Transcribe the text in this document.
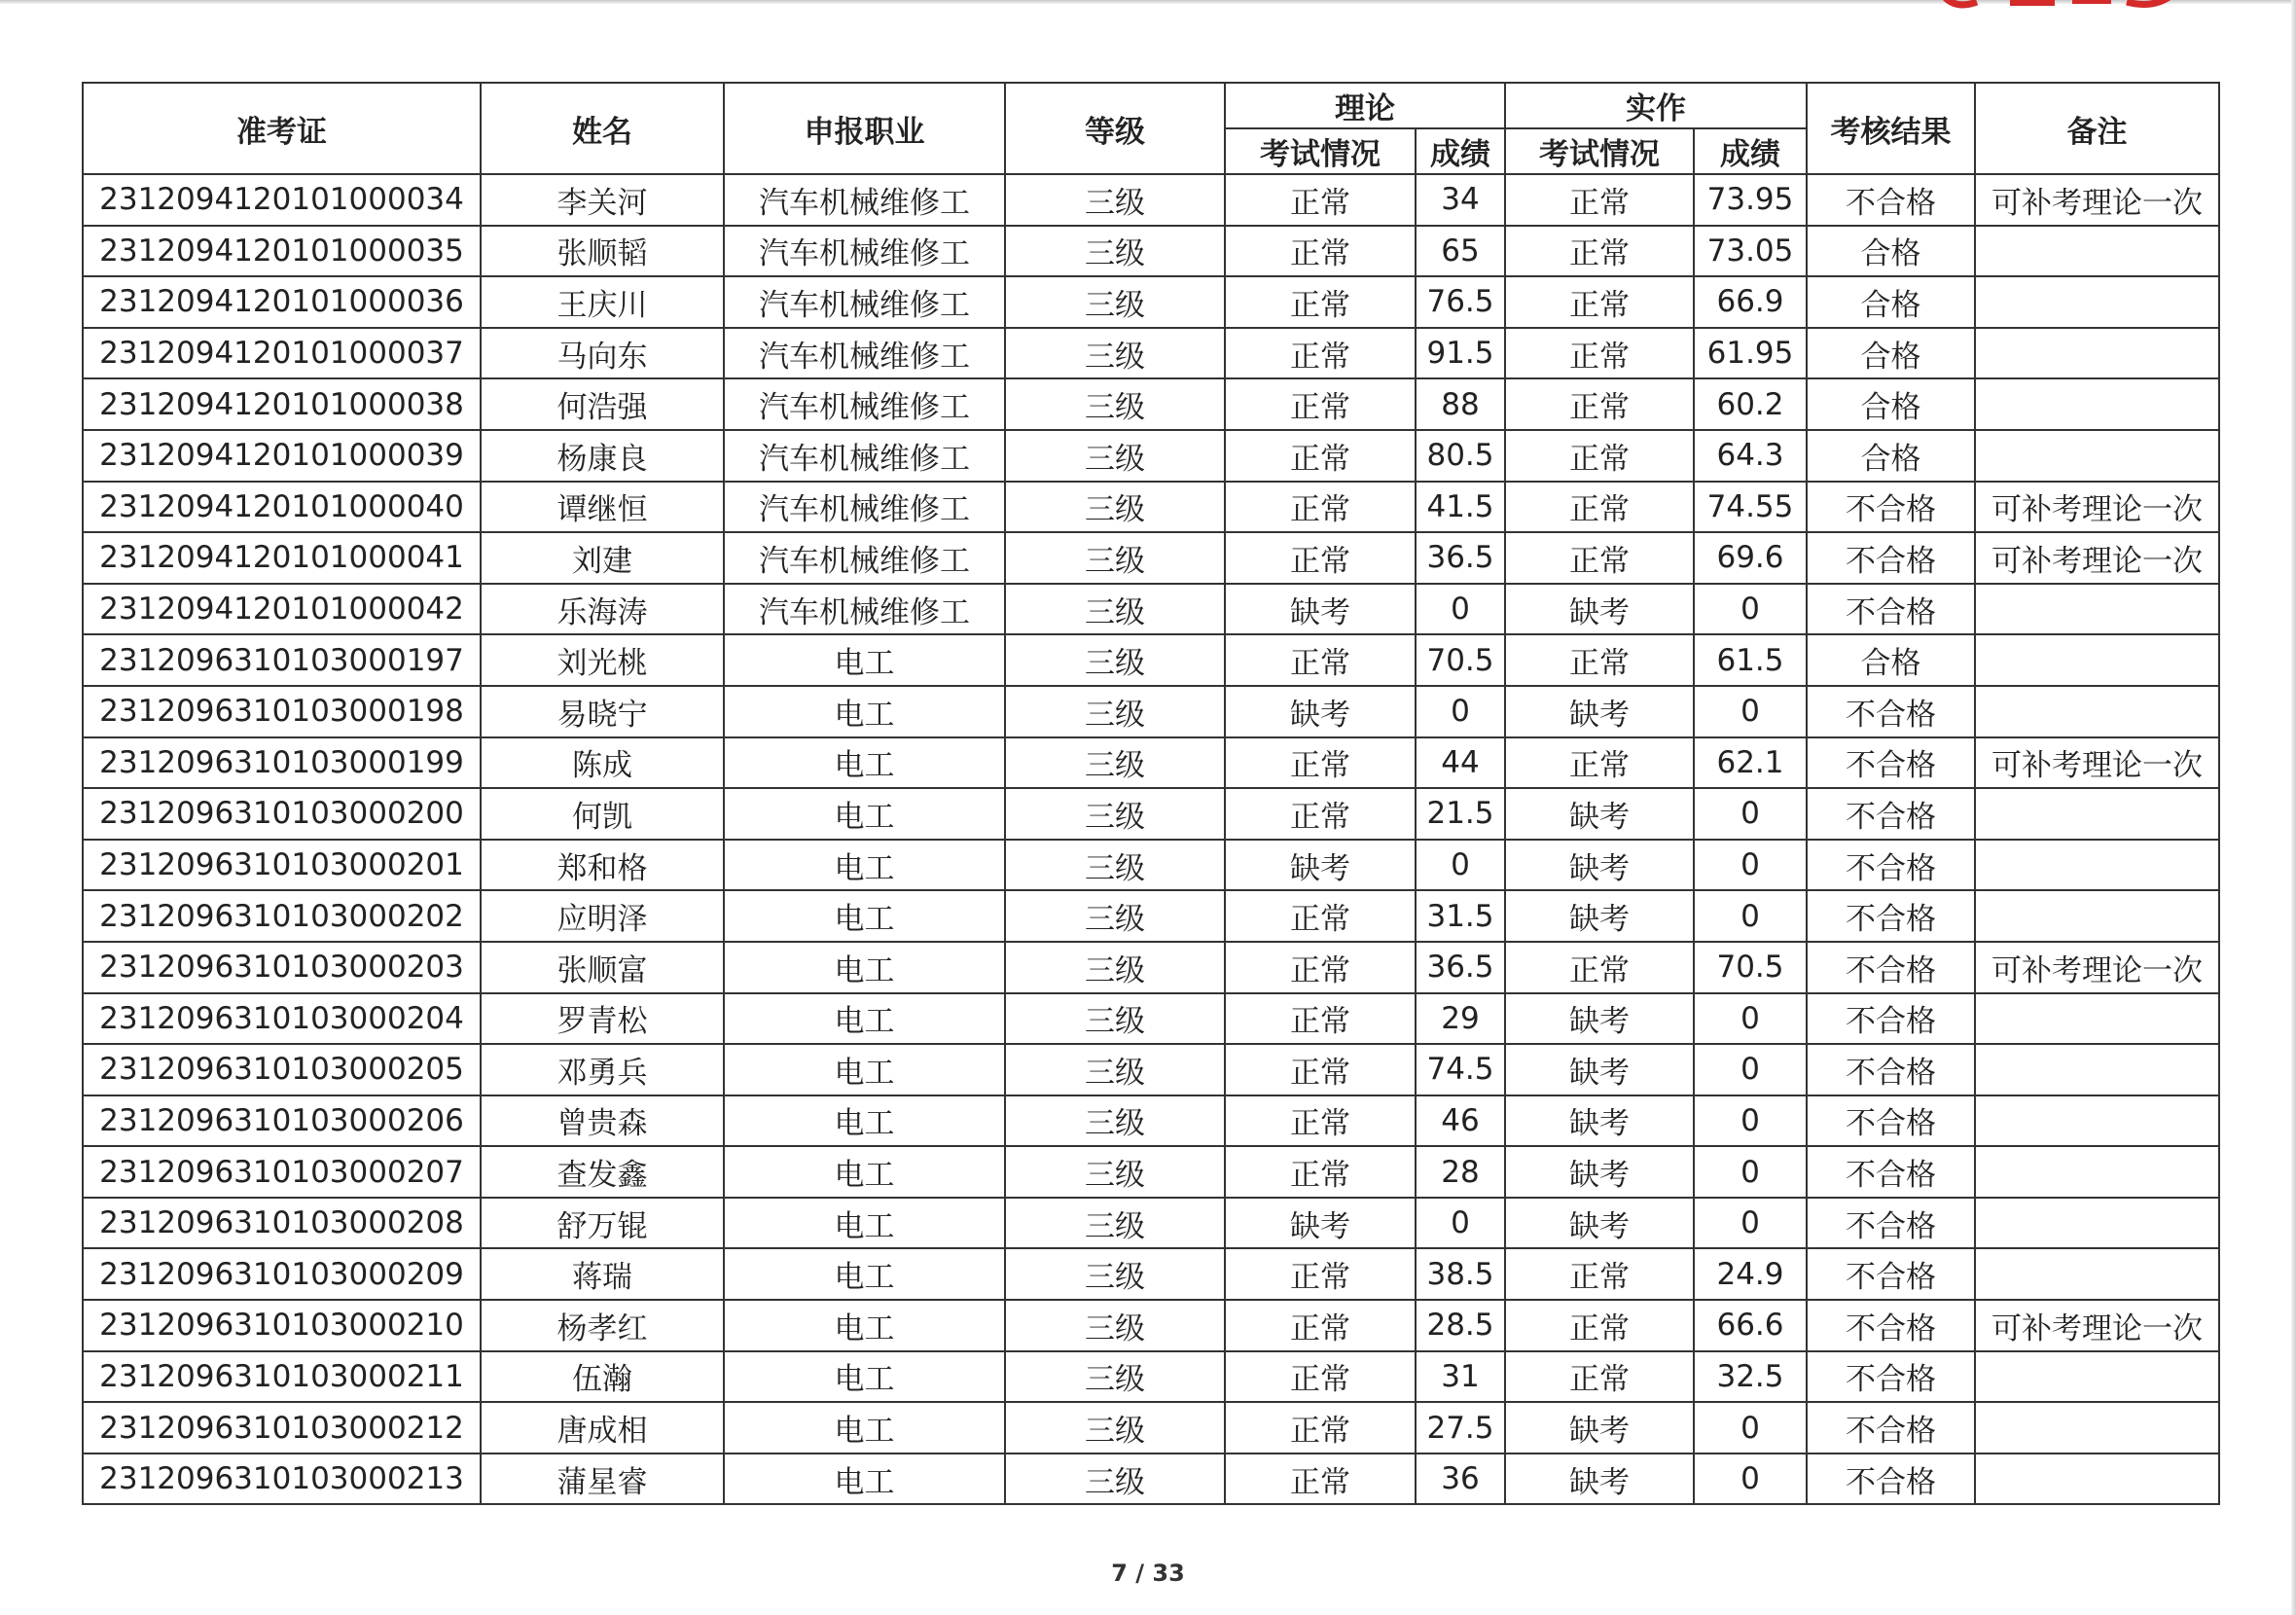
准考证	姓名	申报职业	等级	理论		实作		考核结果	备注
				考试情况	成绩	考试情况	成绩		
2312094120101000034	李关河	汽车机械维修工	三级	正常	34	正常	73.95	不合格	可补考理论一次
2312094120101000035	张顺韬	汽车机械维修工	三级	正常	65	正常	73.05	合格	
2312094120101000036	王庆川	汽车机械维修工	三级	正常	76.5	正常	66.9	合格	
2312094120101000037	马向东	汽车机械维修工	三级	正常	91.5	正常	61.95	合格	
2312094120101000038	何浩强	汽车机械维修工	三级	正常	88	正常	60.2	合格	
2312094120101000039	杨康良	汽车机械维修工	三级	正常	80.5	正常	64.3	合格	
2312094120101000040	谭继恒	汽车机械维修工	三级	正常	41.5	正常	74.55	不合格	可补考理论一次
2312094120101000041	刘建	汽车机械维修工	三级	正常	36.5	正常	69.6	不合格	可补考理论一次
2312094120101000042	乐海涛	汽车机械维修工	三级	缺考	0	缺考	0	不合格	
2312096310103000197	刘光桃	电工	三级	正常	70.5	正常	61.5	合格	
2312096310103000198	易晓宁	电工	三级	缺考	0	缺考	0	不合格	
2312096310103000199	陈成	电工	三级	正常	44	正常	62.1	不合格	可补考理论一次
2312096310103000200	何凯	电工	三级	正常	21.5	缺考	0	不合格	
2312096310103000201	郑和格	电工	三级	缺考	0	缺考	0	不合格	
2312096310103000202	应明泽	电工	三级	正常	31.5	缺考	0	不合格	
2312096310103000203	张顺富	电工	三级	正常	36.5	正常	70.5	不合格	可补考理论一次
2312096310103000204	罗青松	电工	三级	正常	29	缺考	0	不合格	
2312096310103000205	邓勇兵	电工	三级	正常	74.5	缺考	0	不合格	
2312096310103000206	曾贵森	电工	三级	正常	46	缺考	0	不合格	
2312096310103000207	查发鑫	电工	三级	正常	28	缺考	0	不合格	
2312096310103000208	舒万锟	电工	三级	缺考	0	缺考	0	不合格	
2312096310103000209	蒋瑞	电工	三级	正常	38.5	正常	24.9	不合格	
2312096310103000210	杨孝红	电工	三级	正常	28.5	正常	66.6	不合格	可补考理论一次
2312096310103000211	伍瀚	电工	三级	正常	31	正常	32.5	不合格	
2312096310103000212	唐成相	电工	三级	正常	27.5	缺考	0	不合格	
2312096310103000213	蒲星睿	电工	三级	正常	36	缺考	0	不合格	
7 / 33
